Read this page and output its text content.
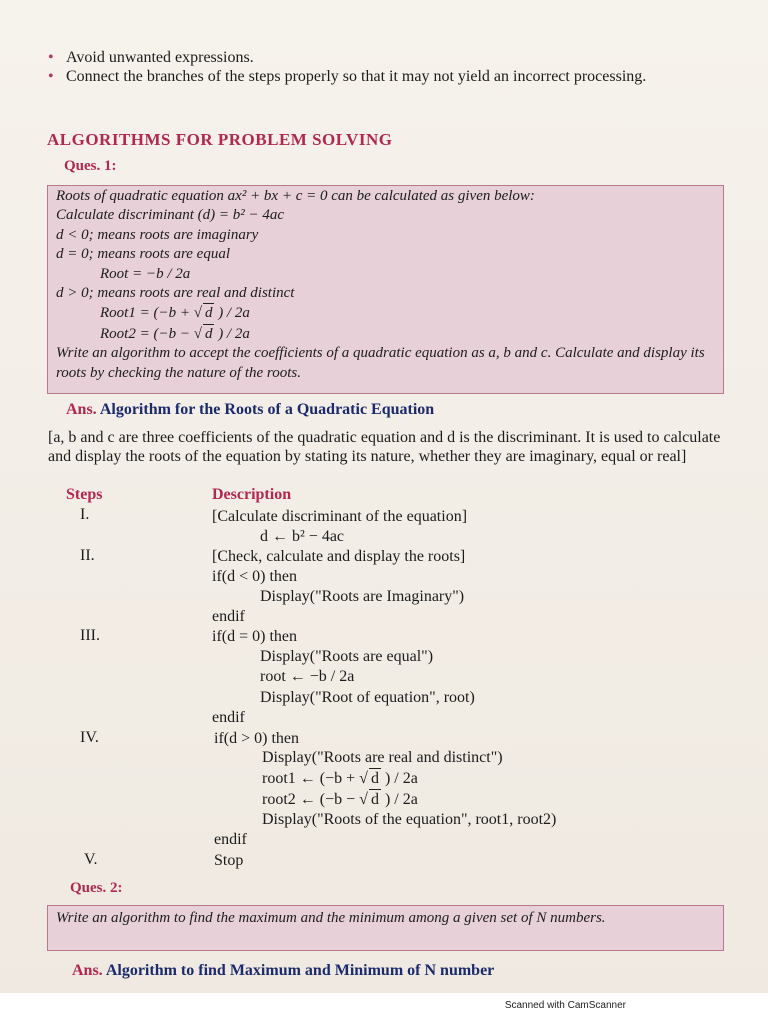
• Avoid unwanted expressions.
• Connect the branches of the steps properly so that it may not yield an incorrect processing.
ALGORITHMS FOR PROBLEM SOLVING
Ques. 1:
Roots of quadratic equation ax² + bx + c = 0 can be calculated as given below:
Calculate discriminant (d) = b² − 4ac
d < 0; means roots are imaginary
d = 0; means roots are equal
Root = −b / 2a
d > 0; means roots are real and distinct
Root1 = (−b + √ d ) / 2a
Root2 = (−b − √ d ) / 2a
Write an algorithm to accept the coefficients of a quadratic equation as a, b and c. Calculate and display its roots by checking the nature of the roots.
Ans. Algorithm for the Roots of a Quadratic Equation
[a, b and c are three coefficients of the quadratic equation and d is the discriminant. It is used to calculate and display the roots of the equation by stating its nature, whether they are imaginary, equal or real]
Steps	Description
I.	[Calculate discriminant of the equation]
d ← b² − 4ac
II.	[Check, calculate and display the roots]
if(d < 0) then
Display("Roots are Imaginary")
endif
III.	if(d = 0) then
Display("Roots are equal")
root ← −b / 2a
Display("Root of equation", root)
endif
IV.	if(d > 0) then
Display("Roots are real and distinct")
root1 ← (−b + √ d ) / 2a
root2 ← (−b − √ d ) / 2a
Display("Roots of the equation", root1, root2)
endif
V.	Stop
Ques. 2:
Write an algorithm to find the maximum and the minimum among a given set of N numbers.
Ans. Algorithm to find Maximum and Minimum of N number
Scanned with CamScanner
